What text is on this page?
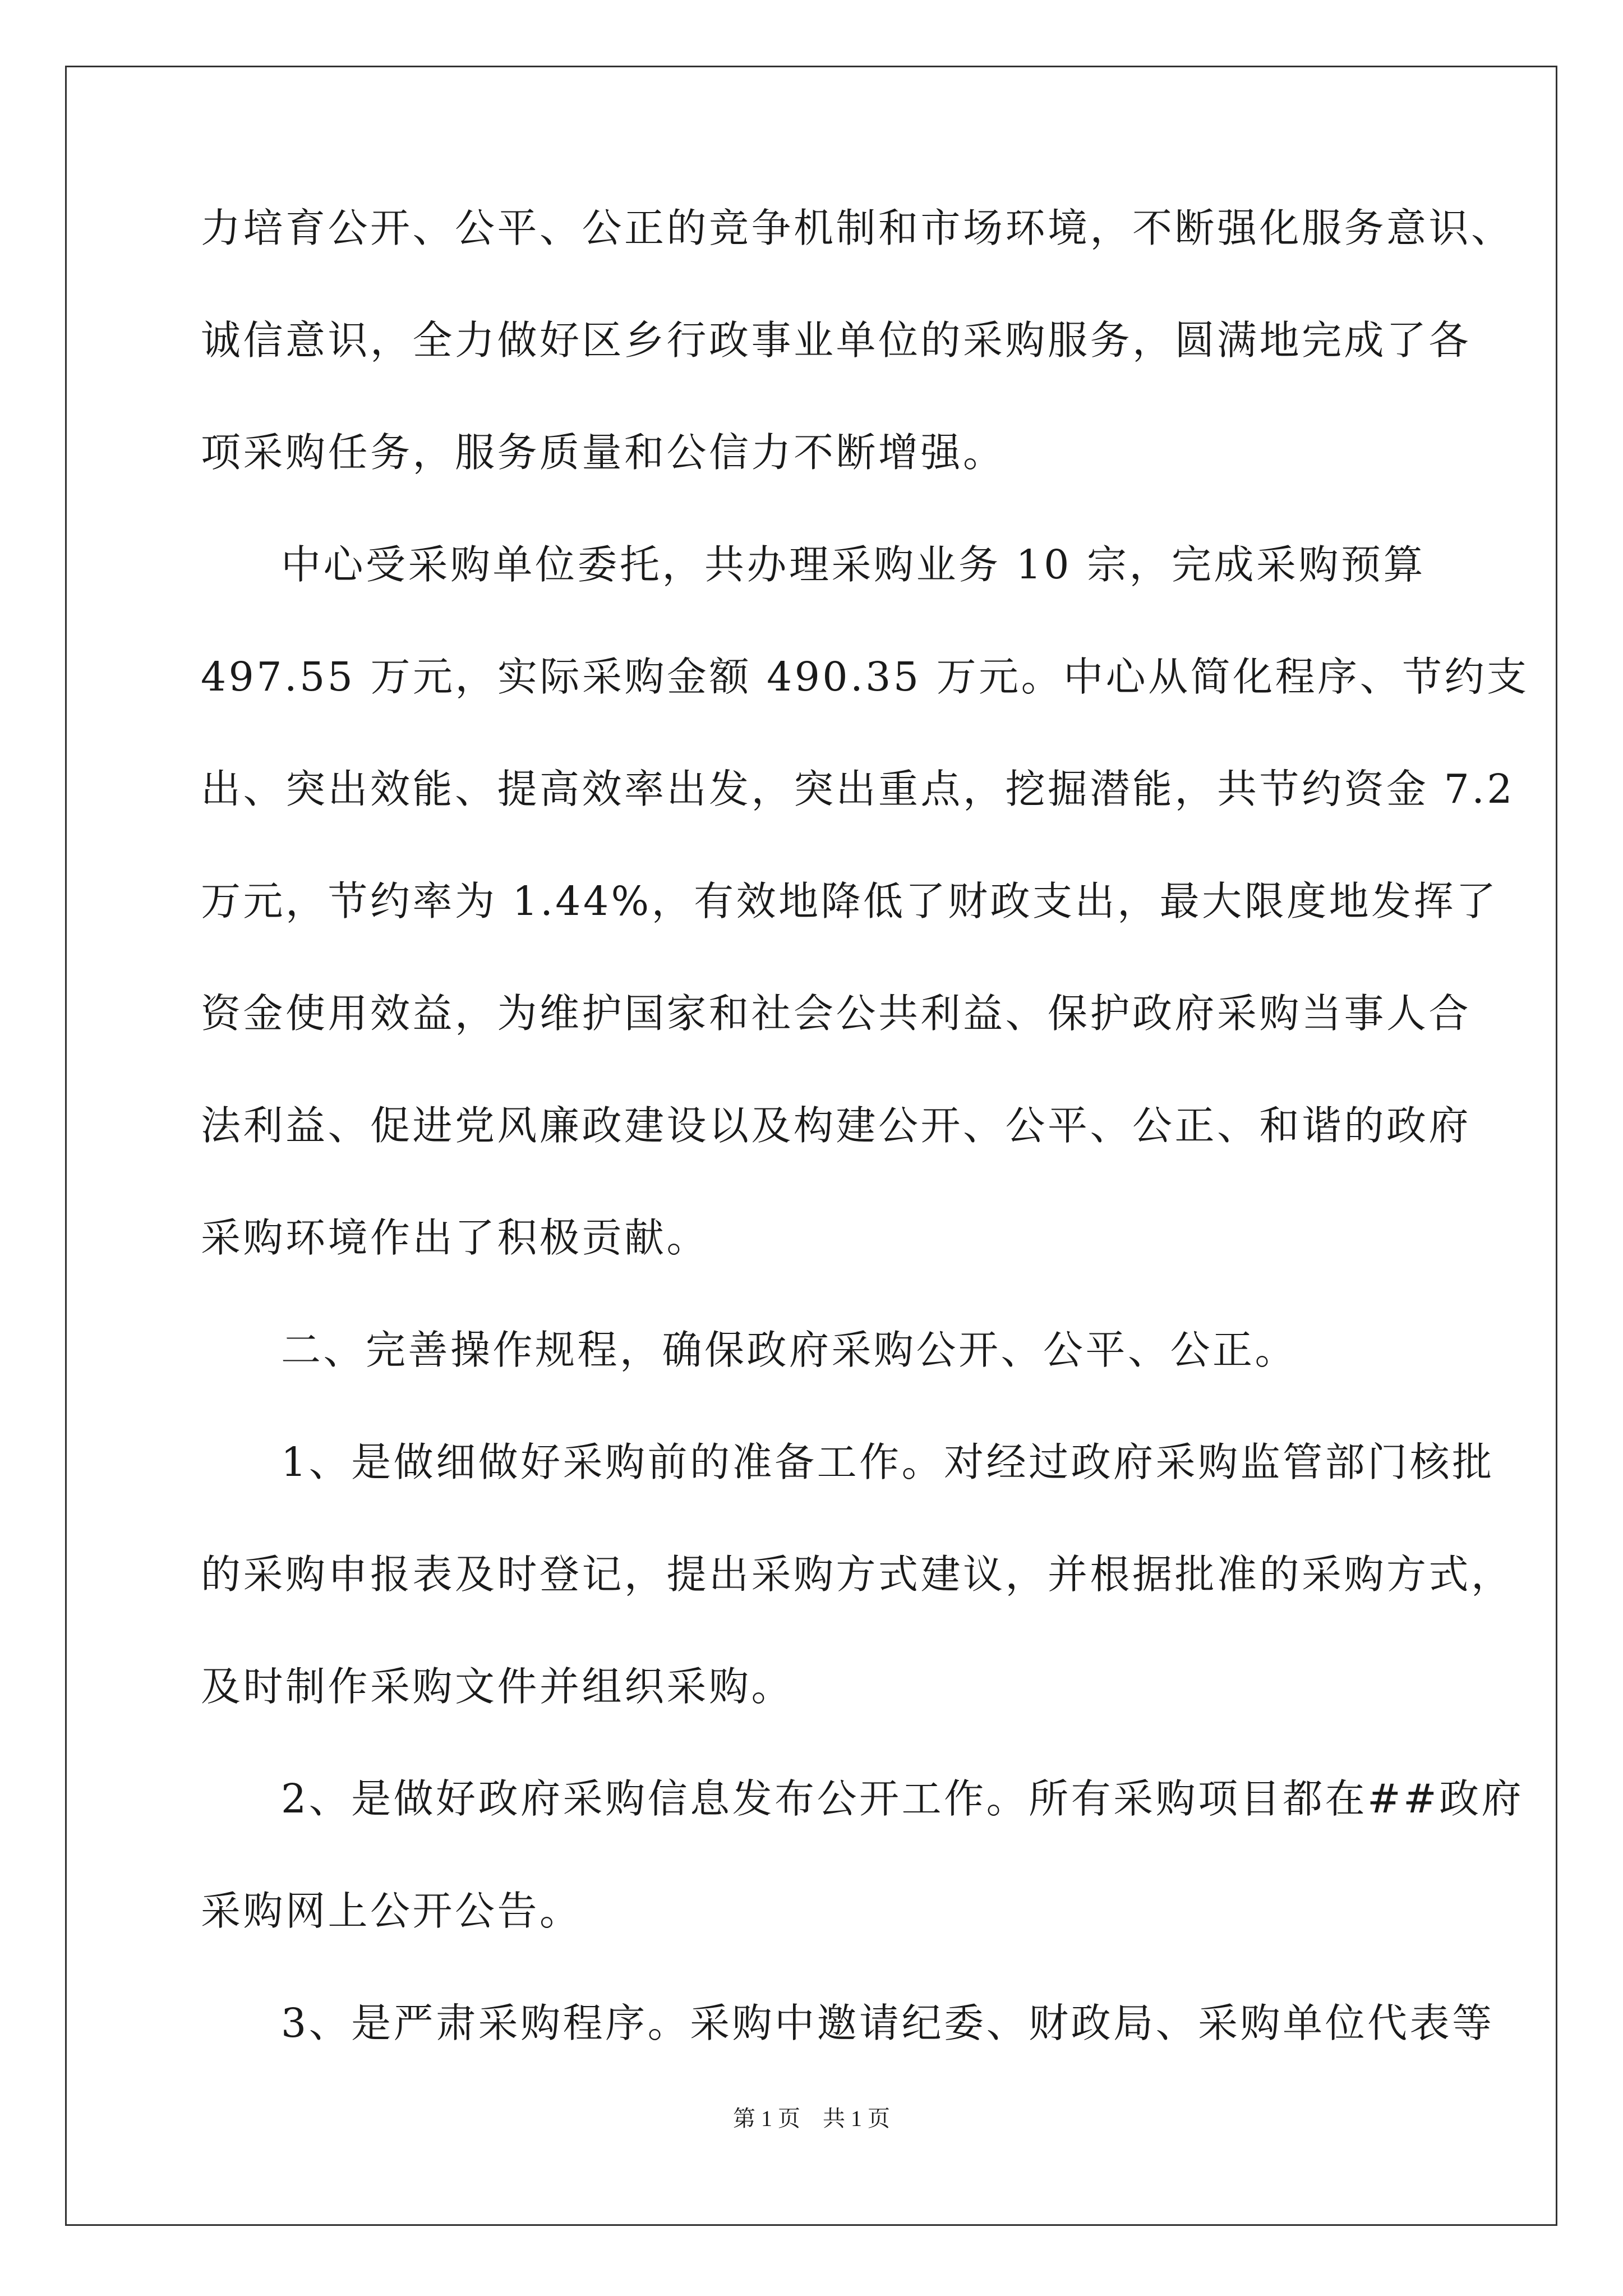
力培育公开、公平、公正的竞争机制和市场环境，不断强化服务意识、
诚信意识，全力做好区乡行政事业单位的采购服务，圆满地完成了各
项采购任务，服务质量和公信力不断增强。
中心受采购单位委托，共办理采购业务 10 宗，完成采购预算
497.55 万元，实际采购金额 490.35 万元。中心从简化程序、节约支
出、突出效能、提高效率出发，突出重点，挖掘潜能，共节约资金 7.2
万元，节约率为 1.44%，有效地降低了财政支出，最大限度地发挥了
资金使用效益，为维护国家和社会公共利益、保护政府采购当事人合
法利益、促进党风廉政建设以及构建公开、公平、公正、和谐的政府
采购环境作出了积极贡献。
二、完善操作规程，确保政府采购公开、公平、公正。
1、是做细做好采购前的准备工作。对经过政府采购监管部门核批
的采购申报表及时登记，提出采购方式建议，并根据批准的采购方式，
及时制作采购文件并组织采购。
2、是做好政府采购信息发布公开工作。所有采购项目都在##政府
采购网上公开公告。
3、是严肃采购程序。采购中邀请纪委、财政局、采购单位代表等
第 1 页　共 1 页
